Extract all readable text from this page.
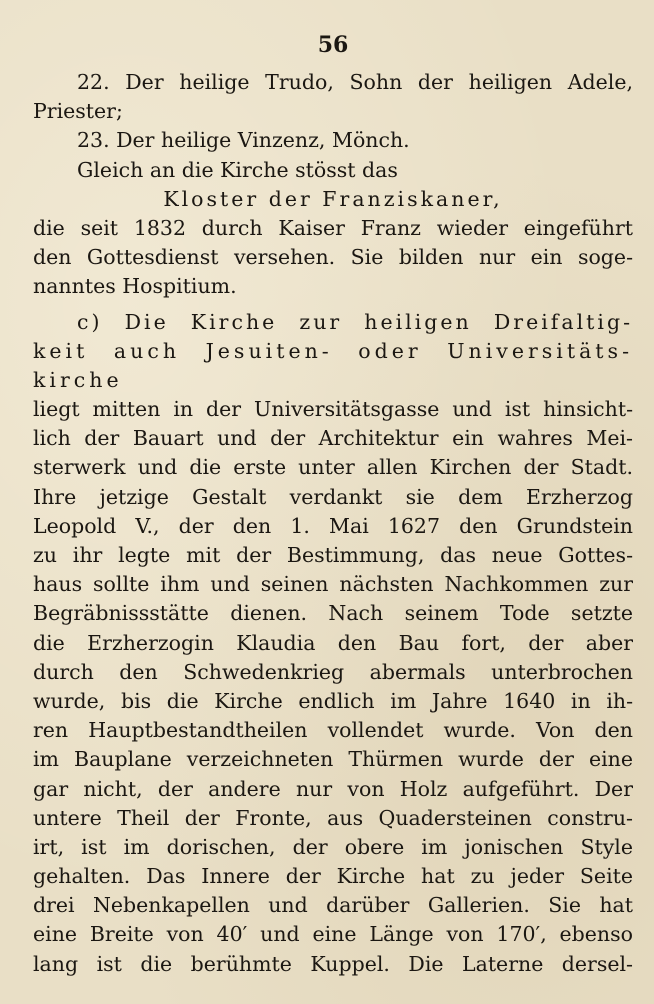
56
22. Der heilige Trudo, Sohn der heiligen Adele,
Priester;
23. Der heilige Vinzenz, Mönch.
Gleich an die Kirche stösst das
Kloster der Franziskaner,
die seit 1832 durch Kaiser Franz wieder eingeführt
den Gottesdienst versehen. Sie bilden nur ein soge-
nanntes Hospitium.
c) Die Kirche zur heiligen Dreifaltig-
keit auch Jesuiten- oder Universitäts-
kirche
liegt mitten in der Universitätsgasse und ist hinsicht-
lich der Bauart und der Architektur ein wahres Mei-
sterwerk und die erste unter allen Kirchen der Stadt.
Ihre jetzige Gestalt verdankt sie dem Erzherzog
Leopold V., der den 1. Mai 1627 den Grundstein
zu ihr legte mit der Bestimmung, das neue Gottes-
haus sollte ihm und seinen nächsten Nachkommen zur
Begräbnissstätte dienen. Nach seinem Tode setzte
die Erzherzogin Klaudia den Bau fort, der aber
durch den Schwedenkrieg abermals unterbrochen
wurde, bis die Kirche endlich im Jahre 1640 in ih-
ren Hauptbestandtheilen vollendet wurde. Von den
im Bauplane verzeichneten Thürmen wurde der eine
gar nicht, der andere nur von Holz aufgeführt. Der
untere Theil der Fronte, aus Quadersteinen constru-
irt, ist im dorischen, der obere im jonischen Style
gehalten. Das Innere der Kirche hat zu jeder Seite
drei Nebenkapellen und darüber Gallerien. Sie hat
eine Breite von 40′ und eine Länge von 170′, ebenso
lang ist die berühmte Kuppel. Die Laterne dersel-
